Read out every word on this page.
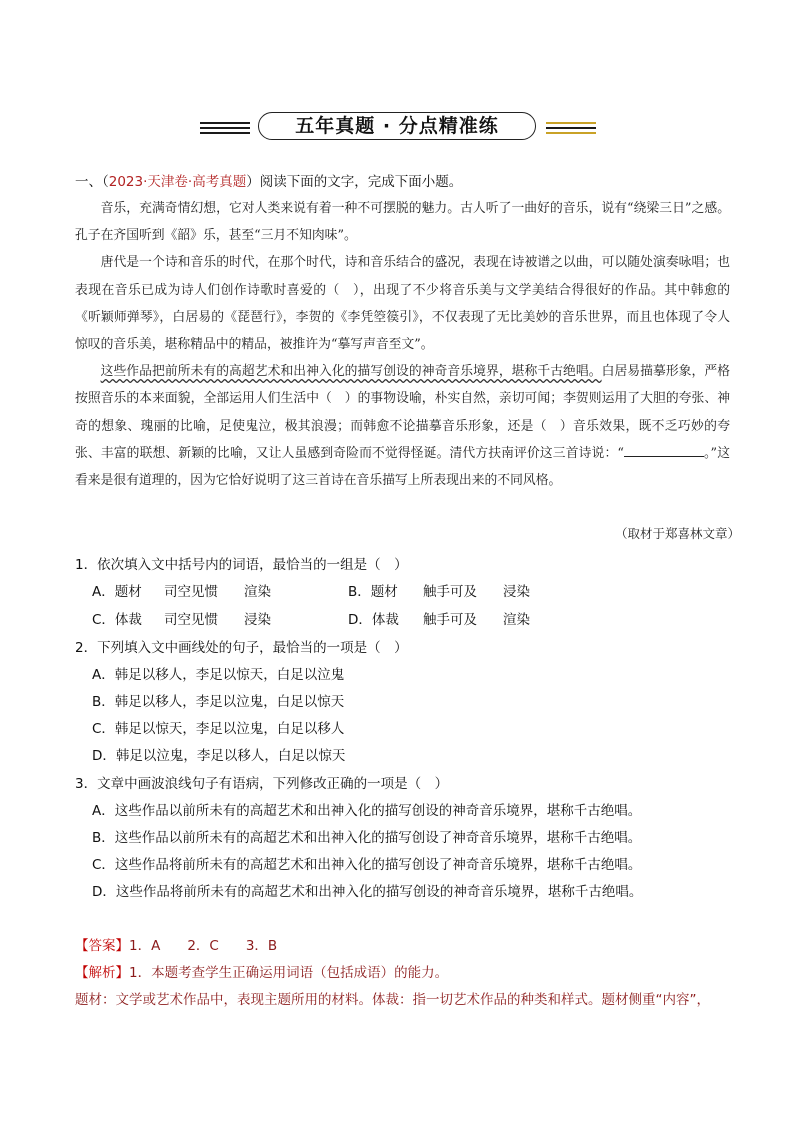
五年真题 · 分点精准练
一、（2023·天津卷·高考真题）阅读下面的文字，完成下面小题。

音乐，充满奇情幻想，它对人类来说有着一种不可摆脱的魅力。古人听了一曲好的音乐，说有“绕梁三日”之感。孔子在齐国听到《韶》乐，甚至“三月不知肉味”。

唐代是一个诗和音乐的时代，在那个时代，诗和音乐结合的盛况，表现在诗被谱之以曲，可以随处演奏咏唱；也表现在音乐已成为诗人们创作诗歌时喜爱的（　），出现了不少将音乐美与文学美结合得很好的作品。其中韩愈的《听颖师弹琴》，白居易的《琵琶行》，李贺的《李凭箜篌引》，不仅表现了无比美妙的音乐世界，而且也体现了令人惊叹的音乐美，堪称精品中的精品，被推许为“摹写声音至文”。

这些作品把前所未有的高超艺术和出神入化的描写创设的神奇音乐境界，堪称千古绝唱。白居易描摹形象，严格按照音乐的本来面貌，全部运用人们生活中（　）的事物设喻，朴实自然，亲切可闻；李贺则运用了大胆的夸张、神奇的想象、瑰丽的比喻，足使鬼泣，极其浪漫；而韩愈不论描摹音乐形象，还是（　）音乐效果，既不乏巧妙的夸张、丰富的联想、新颖的比喻，又让人虽感到奇险而不觉得怪诞。清代方扶南评价这三首诗说：“	。”这看来是很有道理的，因为它恰好说明了这三首诗在音乐描写上所表现出来的不同风格。

（取材于郑喜林文章）
1．依次填入文中括号内的词语，最恰当的一组是（　）
A．题材 司空见惯 渲染	B．题材 触手可及 浸染
C．体裁 司空见惯 浸染	D．体裁 触手可及 渲染
2．下列填入文中画线处的句子，最恰当的一项是（　）
A．韩足以移人，李足以惊天，白足以泣鬼
B．韩足以移人，李足以泣鬼，白足以惊天
C．韩足以惊天，李足以泣鬼，白足以移人
D．韩足以泣鬼，李足以移人，白足以惊天
3．文章中画波浪线句子有语病，下列修改正确的一项是（　）
A．这些作品以前所未有的高超艺术和出神入化的描写创设的神奇音乐境界，堪称千古绝唱。
B．这些作品以前所未有的高超艺术和出神入化的描写创设了神奇音乐境界，堪称千古绝唱。
C．这些作品将前所未有的高超艺术和出神入化的描写创设了神奇音乐境界，堪称千古绝唱。
D．这些作品将前所未有的高超艺术和出神入化的描写创设的神奇音乐境界，堪称千古绝唱。
【答案】1．A　　2．C　　3．B
【解析】1．本题考查学生正确运用词语（包括成语）的能力。
题材：文学或艺术作品中，表现主题所用的材料。体裁：指一切艺术作品的种类和样式。题材侧重“内容”，
